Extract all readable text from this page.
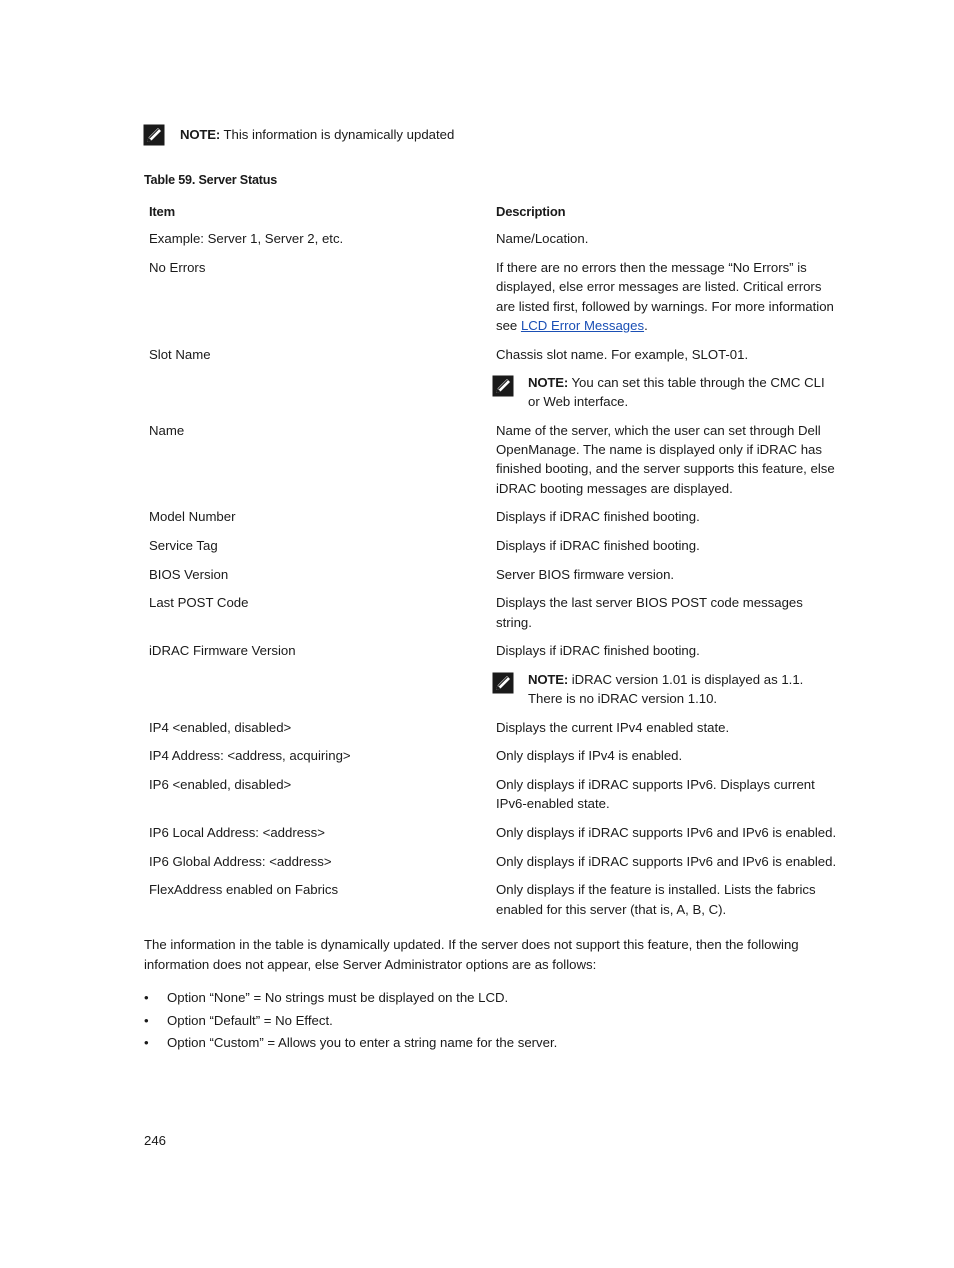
NOTE: This information is dynamically updated
Table 59. Server Status
Item	Description
Example: Server 1, Server 2, etc.	Name/Location.
No Errors	If there are no errors then the message “No Errors” is displayed, else error messages are listed. Critical errors are listed first, followed by warnings. For more information see LCD Error Messages.
Slot Name	Chassis slot name. For example, SLOT-01.
NOTE: You can set this table through the CMC CLI or Web interface.

Name	Name of the server, which the user can set through Dell OpenManage. The name is displayed only if iDRAC has finished booting, and the server supports this feature, else iDRAC booting messages are displayed.
Model Number	Displays if iDRAC finished booting.
Service Tag	Displays if iDRAC finished booting.
BIOS Version	Server BIOS firmware version.
Last POST Code	Displays the last server BIOS POST code messages string.
iDRAC Firmware Version	Displays if iDRAC finished booting.
NOTE: iDRAC version 1.01 is displayed as 1.1. There is no iDRAC version 1.10.

IP4 <enabled, disabled>	Displays the current IPv4 enabled state.
IP4 Address: <address, acquiring>	Only displays if IPv4 is enabled.
IP6 <enabled, disabled>	Only displays if iDRAC supports IPv6. Displays current IPv6-enabled state.
IP6 Local Address: <address>	Only displays if iDRAC supports IPv6 and IPv6 is enabled.
IP6 Global Address: <address>	Only displays if iDRAC supports IPv6 and IPv6 is enabled.
FlexAddress enabled on Fabrics	Only displays if the feature is installed. Lists the fabrics enabled for this server (that is, A, B, C).
The information in the table is dynamically updated. If the server does not support this feature, then the following information does not appear, else Server Administrator options are as follows:
• Option “None” = No strings must be displayed on the LCD.
• Option “Default” = No Effect.
• Option “Custom” = Allows you to enter a string name for the server.
246
